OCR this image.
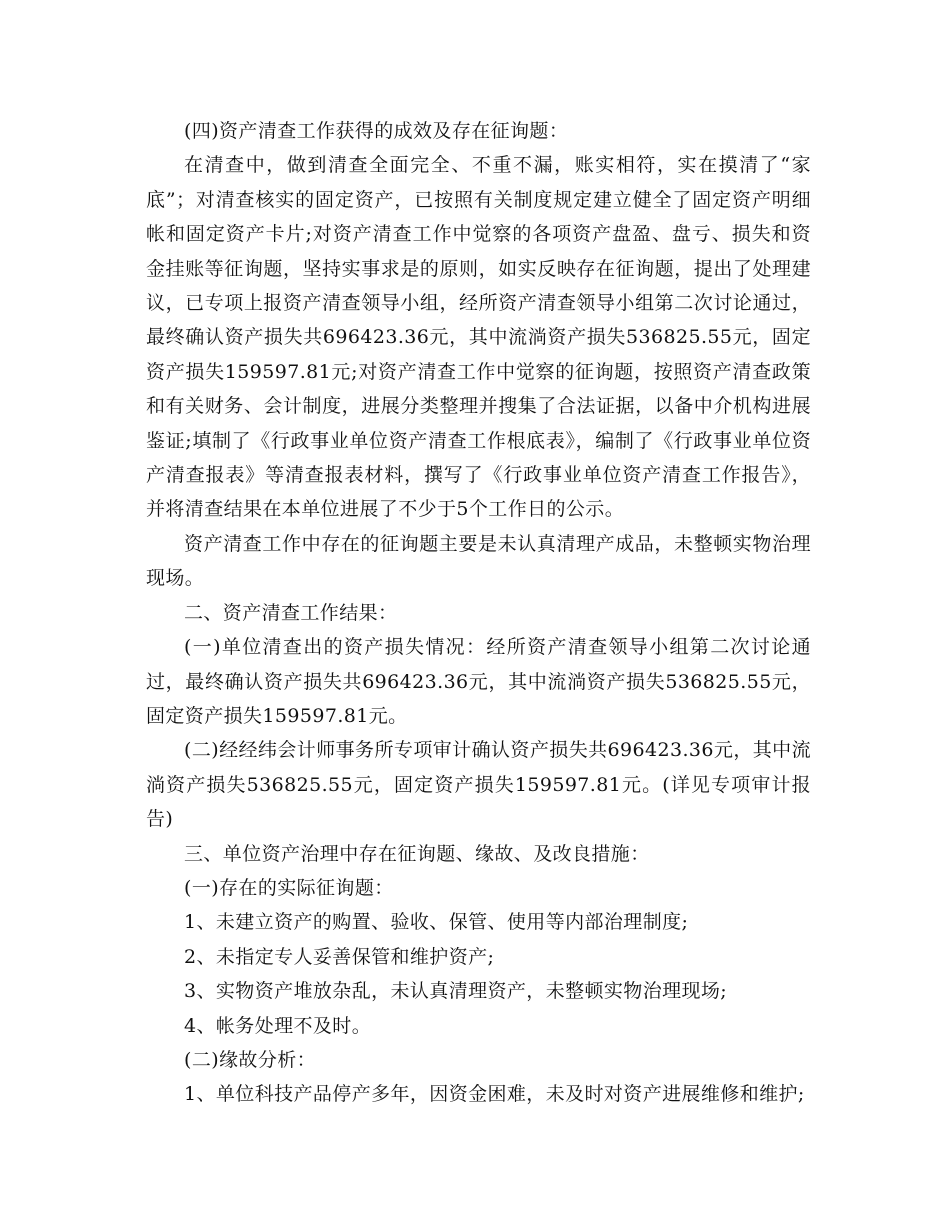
(四)资产清查工作获得的成效及存在征询题：

在清查中，做到清查全面完全、不重不漏，账实相符，实在摸清了“家底”；对清查核实的固定资产，已按照有关制度规定建立健全了固定资产明细帐和固定资产卡片;对资产清查工作中觉察的各项资产盘盈、盘亏、损失和资金挂账等征询题，坚持实事求是的原则，如实反映存在征询题，提出了处理建议，已专项上报资产清查领导小组，经所资产清查领导小组第二次讨论通过，最终确认资产损失共696423.36元，其中流淌资产损失536825.55元，固定资产损失159597.81元;对资产清查工作中觉察的征询题，按照资产清查政策和有关财务、会计制度，进展分类整理并搜集了合法证据，以备中介机构进展鉴证;填制了《行政事业单位资产清查工作根底表》，编制了《行政事业单位资产清查报表》等清查报表材料，撰写了《行政事业单位资产清查工作报告》，并将清查结果在本单位进展了不少于5个工作日的公示。

资产清查工作中存在的征询题主要是未认真清理产成品，未整顿实物治理现场。

二、资产清查工作结果：

(一)单位清查出的资产损失情况：经所资产清查领导小组第二次讨论通过，最终确认资产损失共696423.36元，其中流淌资产损失536825.55元，固定资产损失159597.81元。

(二)经经纬会计师事务所专项审计确认资产损失共696423.36元，其中流淌资产损失536825.55元，固定资产损失159597.81元。(详见专项审计报告)

三、单位资产治理中存在征询题、缘故、及改良措施：

(一)存在的实际征询题：

1、未建立资产的购置、验收、保管、使用等内部治理制度;

2、未指定专人妥善保管和维护资产;

3、实物资产堆放杂乱，未认真清理资产，未整顿实物治理现场;

4、帐务处理不及时。

(二)缘故分析：

1、单位科技产品停产多年，因资金困难，未及时对资产进展维修和维护;
